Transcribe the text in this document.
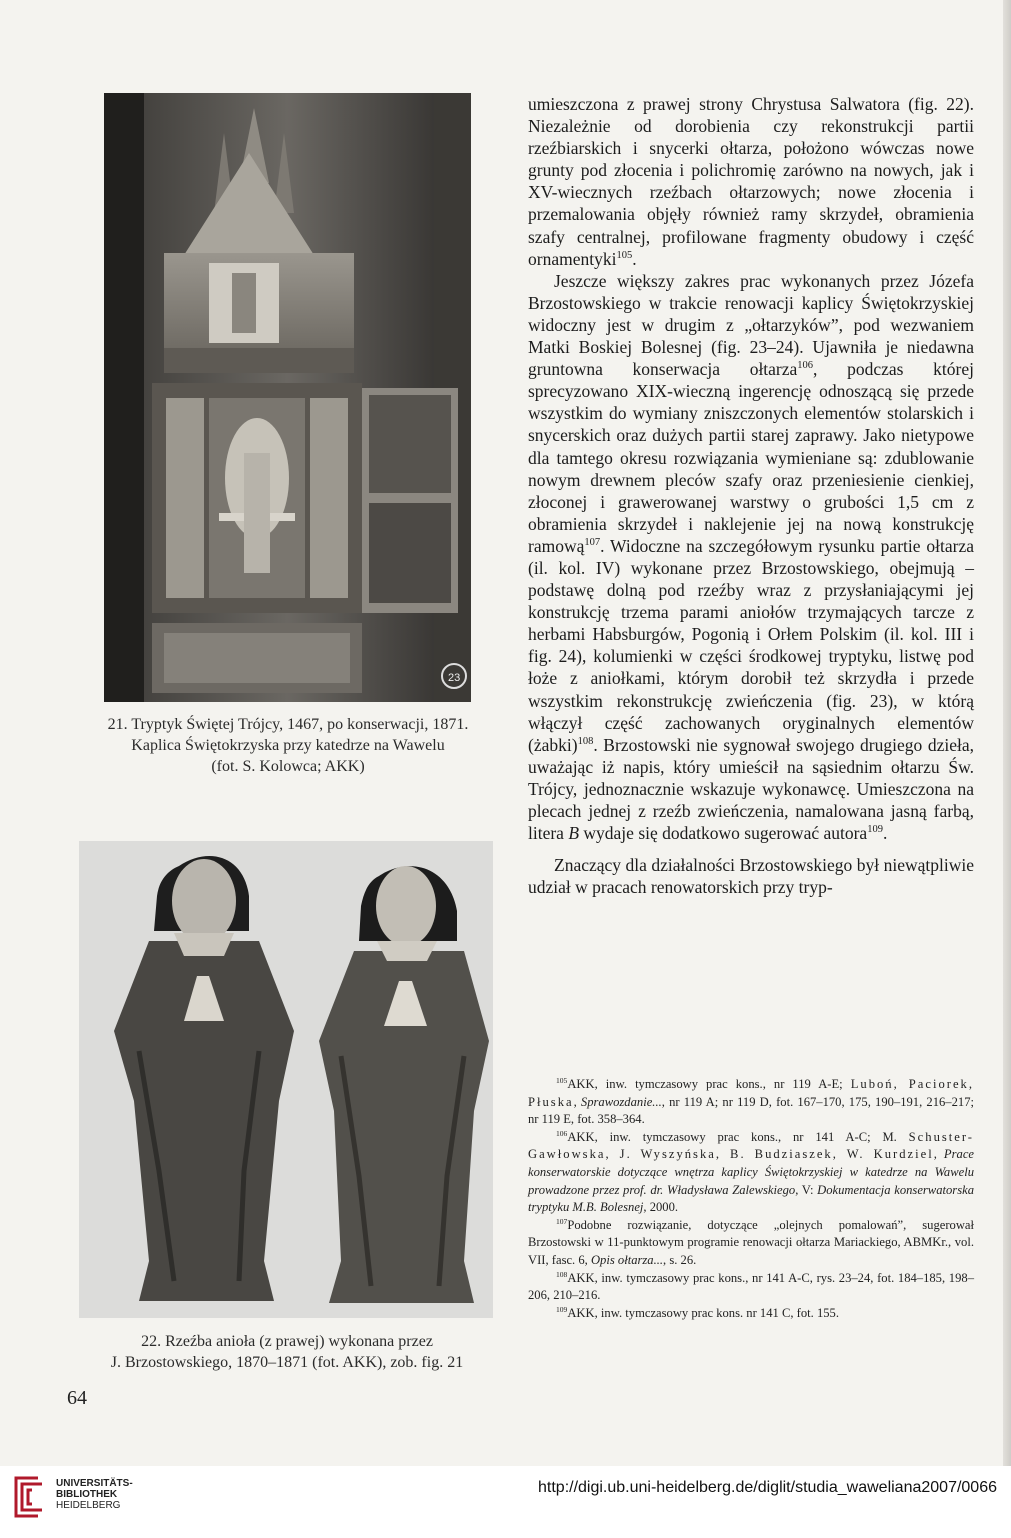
23
21. Tryptyk Świętej Trójcy, 1467, po konserwacji, 1871.
Kaplica Świętokrzyska przy katedrze na Wawelu
(fot. S. Kolowca; AKK)
22. Rzeźba anioła (z prawej) wykonana przez
J. Brzostowskiego, 1870–1871 (fot. AKK), zob. fig. 21

umieszczona z prawej strony Chrystusa Salwatora (fig. 22). Niezależnie od dorobienia czy rekonstrukcji partii rzeźbiarskich i snycerki ołtarza, położono wówczas nowe grunty pod złocenia i polichromię zarówno na nowych, jak i XV-wiecznych rzeźbach ołtarzowych; nowe złocenia i przemalowania objęły również ramy skrzydeł, obramienia szafy centralnej, profilowane fragmenty obudowy i część ornamentyki$^{105}$.

Jeszcze większy zakres prac wykonanych przez Józefa Brzostowskiego w trakcie renowacji kaplicy Świętokrzyskiej widoczny jest w drugim z „ołtarzyków”, pod wezwaniem Matki Boskiej Bolesnej (fig. 23–24). Ujawniła je niedawna gruntowna konserwacja ołtarza$^{106}$, podczas której sprecyzowano XIX-wieczną ingerencję odnoszącą się przede wszystkim do wymiany zniszczonych elementów stolarskich i snycerskich oraz dużych partii starej zaprawy. Jako nietypowe dla tamtego okresu rozwiązania wymieniane są: zdublowanie nowym drewnem pleców szafy oraz przeniesienie cienkiej, złoconej i grawerowanej warstwy o grubości 1,5 cm z obramienia skrzydeł i naklejenie jej na nową konstrukcję ramową$^{107}$. Widoczne na szczegółowym rysunku partie ołtarza (il. kol. IV) wykonane przez Brzostowskiego, obejmują – podstawę dolną pod rzeźby wraz z przysłaniającymi jej konstrukcję trzema parami aniołów trzymających tarcze z herbami Habsburgów, Pogonią i Orłem Polskim (il. kol. III i fig. 24), kolumienki w części środkowej tryptyku, listwę pod łoże z aniołkami, którym dorobił też skrzydła i przede wszystkim rekonstrukcję zwieńczenia (fig. 23), w którą włączył część zachowanych oryginalnych elementów (żabki)$^{108}$. Brzostowski nie sygnował swojego drugiego dzieła, uważając iż napis, który umieścił na sąsiednim ołtarzu Św. Trójcy, jednoznacznie wskazuje wykonawcę. Umieszczona na plecach jednej z rzeźb zwieńczenia, namalowana jasną farbą, litera B wydaje się dodatkowo sugerować autora$^{109}$.

Znaczący dla działalności Brzostowskiego był niewątpliwie udział w pracach renowatorskich przy tryp-

$^{105}$AKK, inw. tymczasowy prac kons., nr 119 A-E; Luboń, Paciorek, Płuska, Sprawozdanie..., nr 119 A; nr 119 D, fot. 167–170, 175, 190–191, 216–217; nr 119 E, fot. 358–364.

$^{106}$AKK, inw. tymczasowy prac kons., nr 141 A-C; M. Schuster-Gawłowska, J. Wyszyńska, B. Budziaszek, W. Kurdziel, Prace konserwatorskie dotyczące wnętrza kaplicy Świętokrzyskiej w katedrze na Wawelu prowadzone przez prof. dr. Władysława Zalewskiego, V: Dokumentacja konserwatorska tryptyku M.B. Bolesnej, 2000.

$^{107}$Podobne rozwiązanie, dotyczące „olejnych pomalowań”, sugerował Brzostowski w 11-punktowym programie renowacji ołtarza Mariackiego, ABMKr., vol. VII, fasc. 6, Opis ołtarza..., s. 26.

$^{108}$AKK, inw. tymczasowy prac kons., nr 141 A-C, rys. 23–24, fot. 184–185, 198–206, 210–216.

$^{109}$AKK, inw. tymczasowy prac kons. nr 141 C, fot. 155.

64
UNIVERSITÄTS-
BIBLIOTHEK
HEIDELBERG
http://digi.ub.uni-heidelberg.de/diglit/studia_waweliana2007/0066
